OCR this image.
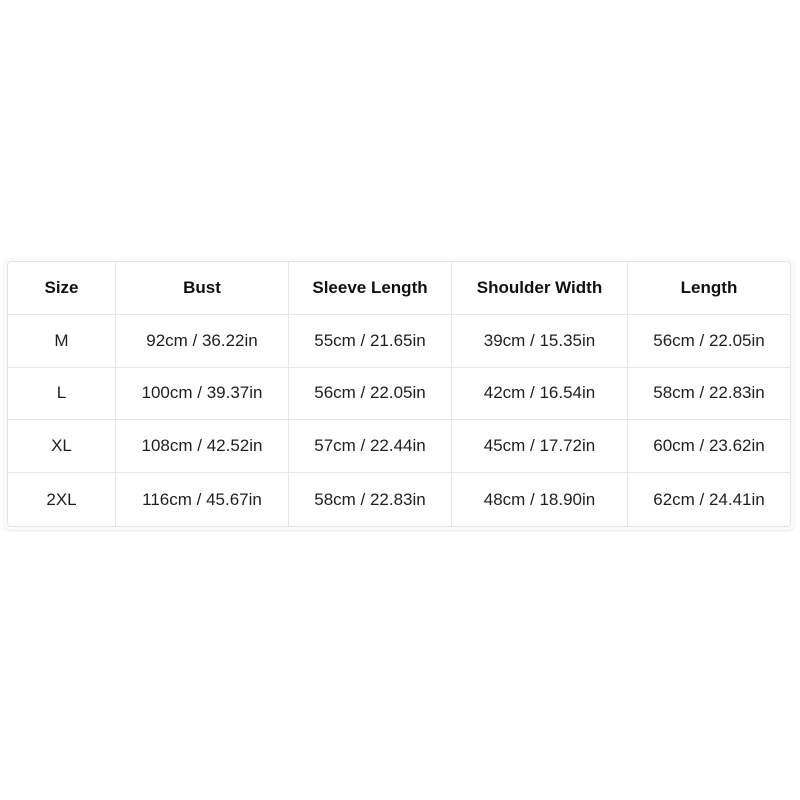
Size	Bust	Sleeve Length	Shoulder Width	Length
M	92cm / 36.22in	55cm / 21.65in	39cm / 15.35in	56cm / 22.05in
L	100cm / 39.37in	56cm / 22.05in	42cm / 16.54in	58cm / 22.83in
XL	108cm / 42.52in	57cm / 22.44in	45cm / 17.72in	60cm / 23.62in
2XL	116cm / 45.67in	58cm / 22.83in	48cm / 18.90in	62cm / 24.41in
